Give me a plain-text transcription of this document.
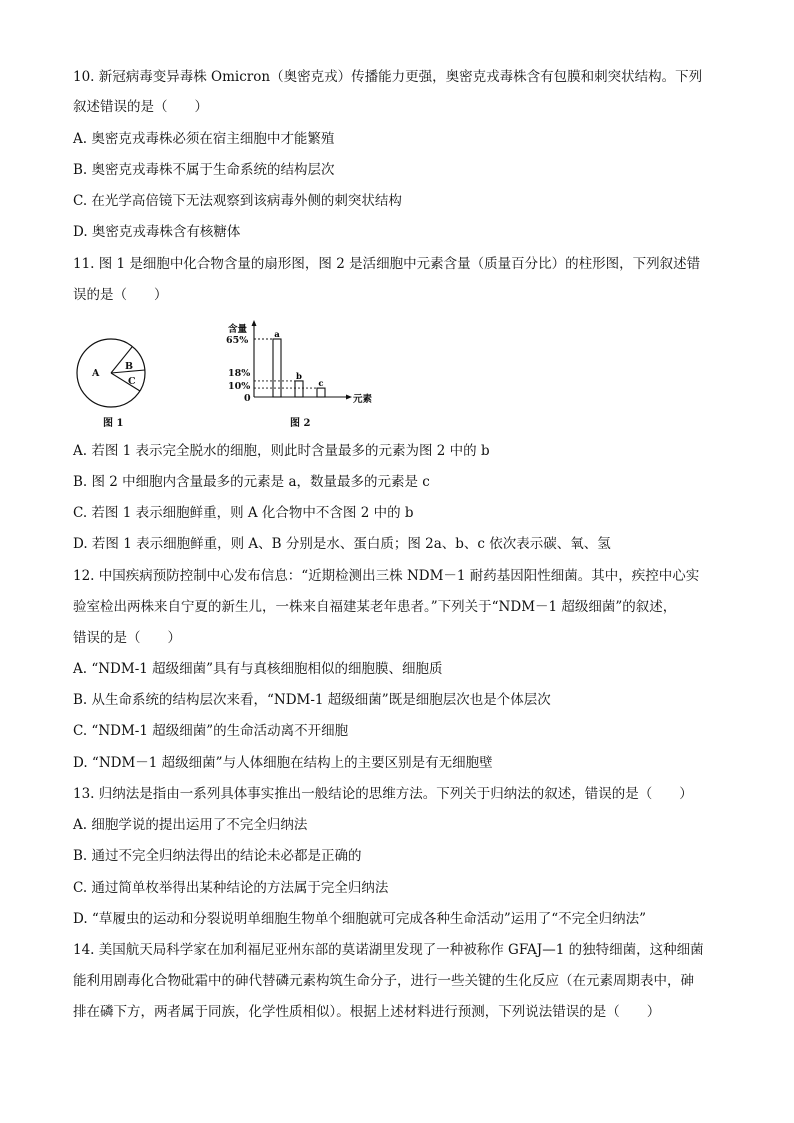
10. 新冠病毒变异毒株 Omicron（奥密克戎）传播能力更强，奥密克戎毒株含有包膜和刺突状结构。下列
叙述错误的是（　　）
A. 奥密克戎毒株必须在宿主细胞中才能繁殖
B. 奥密克戎毒株不属于生命系统的结构层次
C. 在光学高倍镜下无法观察到该病毒外侧的刺突状结构
D. 奥密克戎毒株含有核糖体
11. 图 1 是细胞中化合物含量的扇形图，图 2 是活细胞中元素含量（质量百分比）的柱形图，下列叙述错
误的是（　　）
A
B
C
图 1
含量
65%
18%
10%
0	元素
图 2
a
b
c
A. 若图 1 表示完全脱水的细胞，则此时含量最多的元素为图 2 中的 b
B. 图 2 中细胞内含量最多的元素是 a，数量最多的元素是 c
C. 若图 1 表示细胞鲜重，则 A 化合物中不含图 2 中的 b
D. 若图 1 表示细胞鲜重，则 A、B 分别是水、蛋白质；图 2a、b、c 依次表示碳、氧、氢
12. 中国疾病预防控制中心发布信息：“近期检测出三株 NDM－1 耐药基因阳性细菌。其中，疾控中心实
验室检出两株来自宁夏的新生儿，一株来自福建某老年患者。”下列关于“NDM－1 超级细菌”的叙述，
错误的是（　　）
A. “NDM-1 超级细菌”具有与真核细胞相似的细胞膜、细胞质
B. 从生命系统的结构层次来看，“NDM-1 超级细菌”既是细胞层次也是个体层次
C. “NDM-1 超级细菌”的生命活动离不开细胞
D. “NDM－1 超级细菌”与人体细胞在结构上的主要区别是有无细胞壁
13. 归纳法是指由一系列具体事实推出一般结论的思维方法。下列关于归纳法的叙述，错误的是（　　）
A. 细胞学说的提出运用了不完全归纳法
B. 通过不完全归纳法得出的结论未必都是正确的
C. 通过简单枚举得出某种结论的方法属于完全归纳法
D. “草履虫的运动和分裂说明单细胞生物单个细胞就可完成各种生命活动”运用了“不完全归纳法”
14. 美国航天局科学家在加利福尼亚州东部的莫诺湖里发现了一种被称作 GFAJ—1 的独特细菌，这种细菌
能利用剧毒化合物砒霜中的砷代替磷元素构筑生命分子，进行一些关键的生化反应（在元素周期表中，砷
排在磷下方，两者属于同族，化学性质相似）。根据上述材料进行预测，下列说法错误的是（　　）
